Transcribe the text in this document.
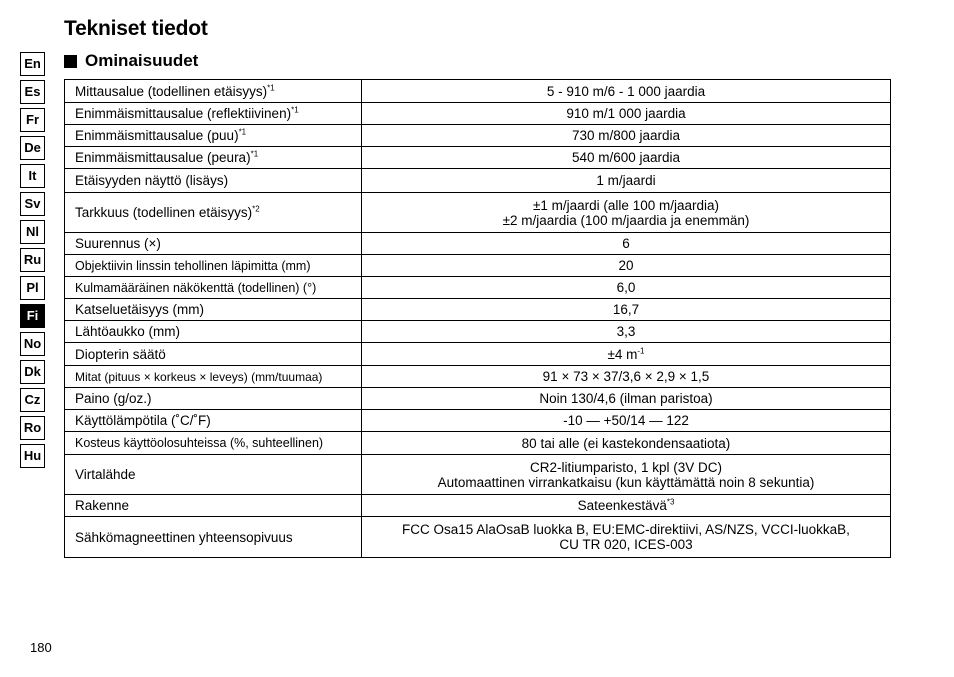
Tekniset tiedot
Ominaisuudet
En
Es
Fr
De
It
Sv
Nl
Ru
Pl
Fi
No
Dk
Cz
Ro
Hu
Mittausalue (todellinen etäisyys)$^{*1}$	5 - 910 m/6 - 1 000 jaardia

Enimmäismittausalue (reflektiivinen)$^{*1}$	910 m/1 000 jaardia

Enimmäismittausalue (puu)$^{*1}$	730 m/800 jaardia

Enimmäismittausalue (peura)$^{*1}$	540 m/600 jaardia

Etäisyyden näyttö (lisäys)	1 m/jaardi

Tarkkuus (todellinen etäisyys)$^{*2}$	±1 m/jaardi (alle 100 m/jaardia)
±2 m/jaardia (100 m/jaardia ja enemmän)

Suurennus (×)	6

Objektiivin linssin tehollinen läpimitta (mm)	20

Kulmamääräinen näkökenttä (todellinen) (°)	6,0

Katseluetäisyys (mm)	16,7

Lähtöaukko (mm)	3,3

Diopterin säätö	±4 $m^{-1}$

Mitat (pituus × korkeus × leveys) (mm/tuumaa)	91 × 73 × 37/3,6 × 2,9 × 1,5

Paino (g/oz.)	Noin 130/4,6 (ilman paristoa)

Käyttölämpötila (˚C/˚F)	-10 — +50/14 — 122

Kosteus käyttöolosuhteissa (%, suhteellinen)	80 tai alle (ei kastekondensaatiota)

Virtalähde	CR2-litiumparisto, 1 kpl (3V DC)
Automaattinen virrankatkaisu (kun käyttämättä noin 8 sekuntia)

Rakenne	Sateenkestävä$^{*3}$

Sähkömagneettinen yhteensopivuus	FCC Osa15 AlaOsaB luokka B, EU:EMC-direktiivi, AS/NZS, VCCI-luokkaB,
CU TR 020, ICES-003
180
